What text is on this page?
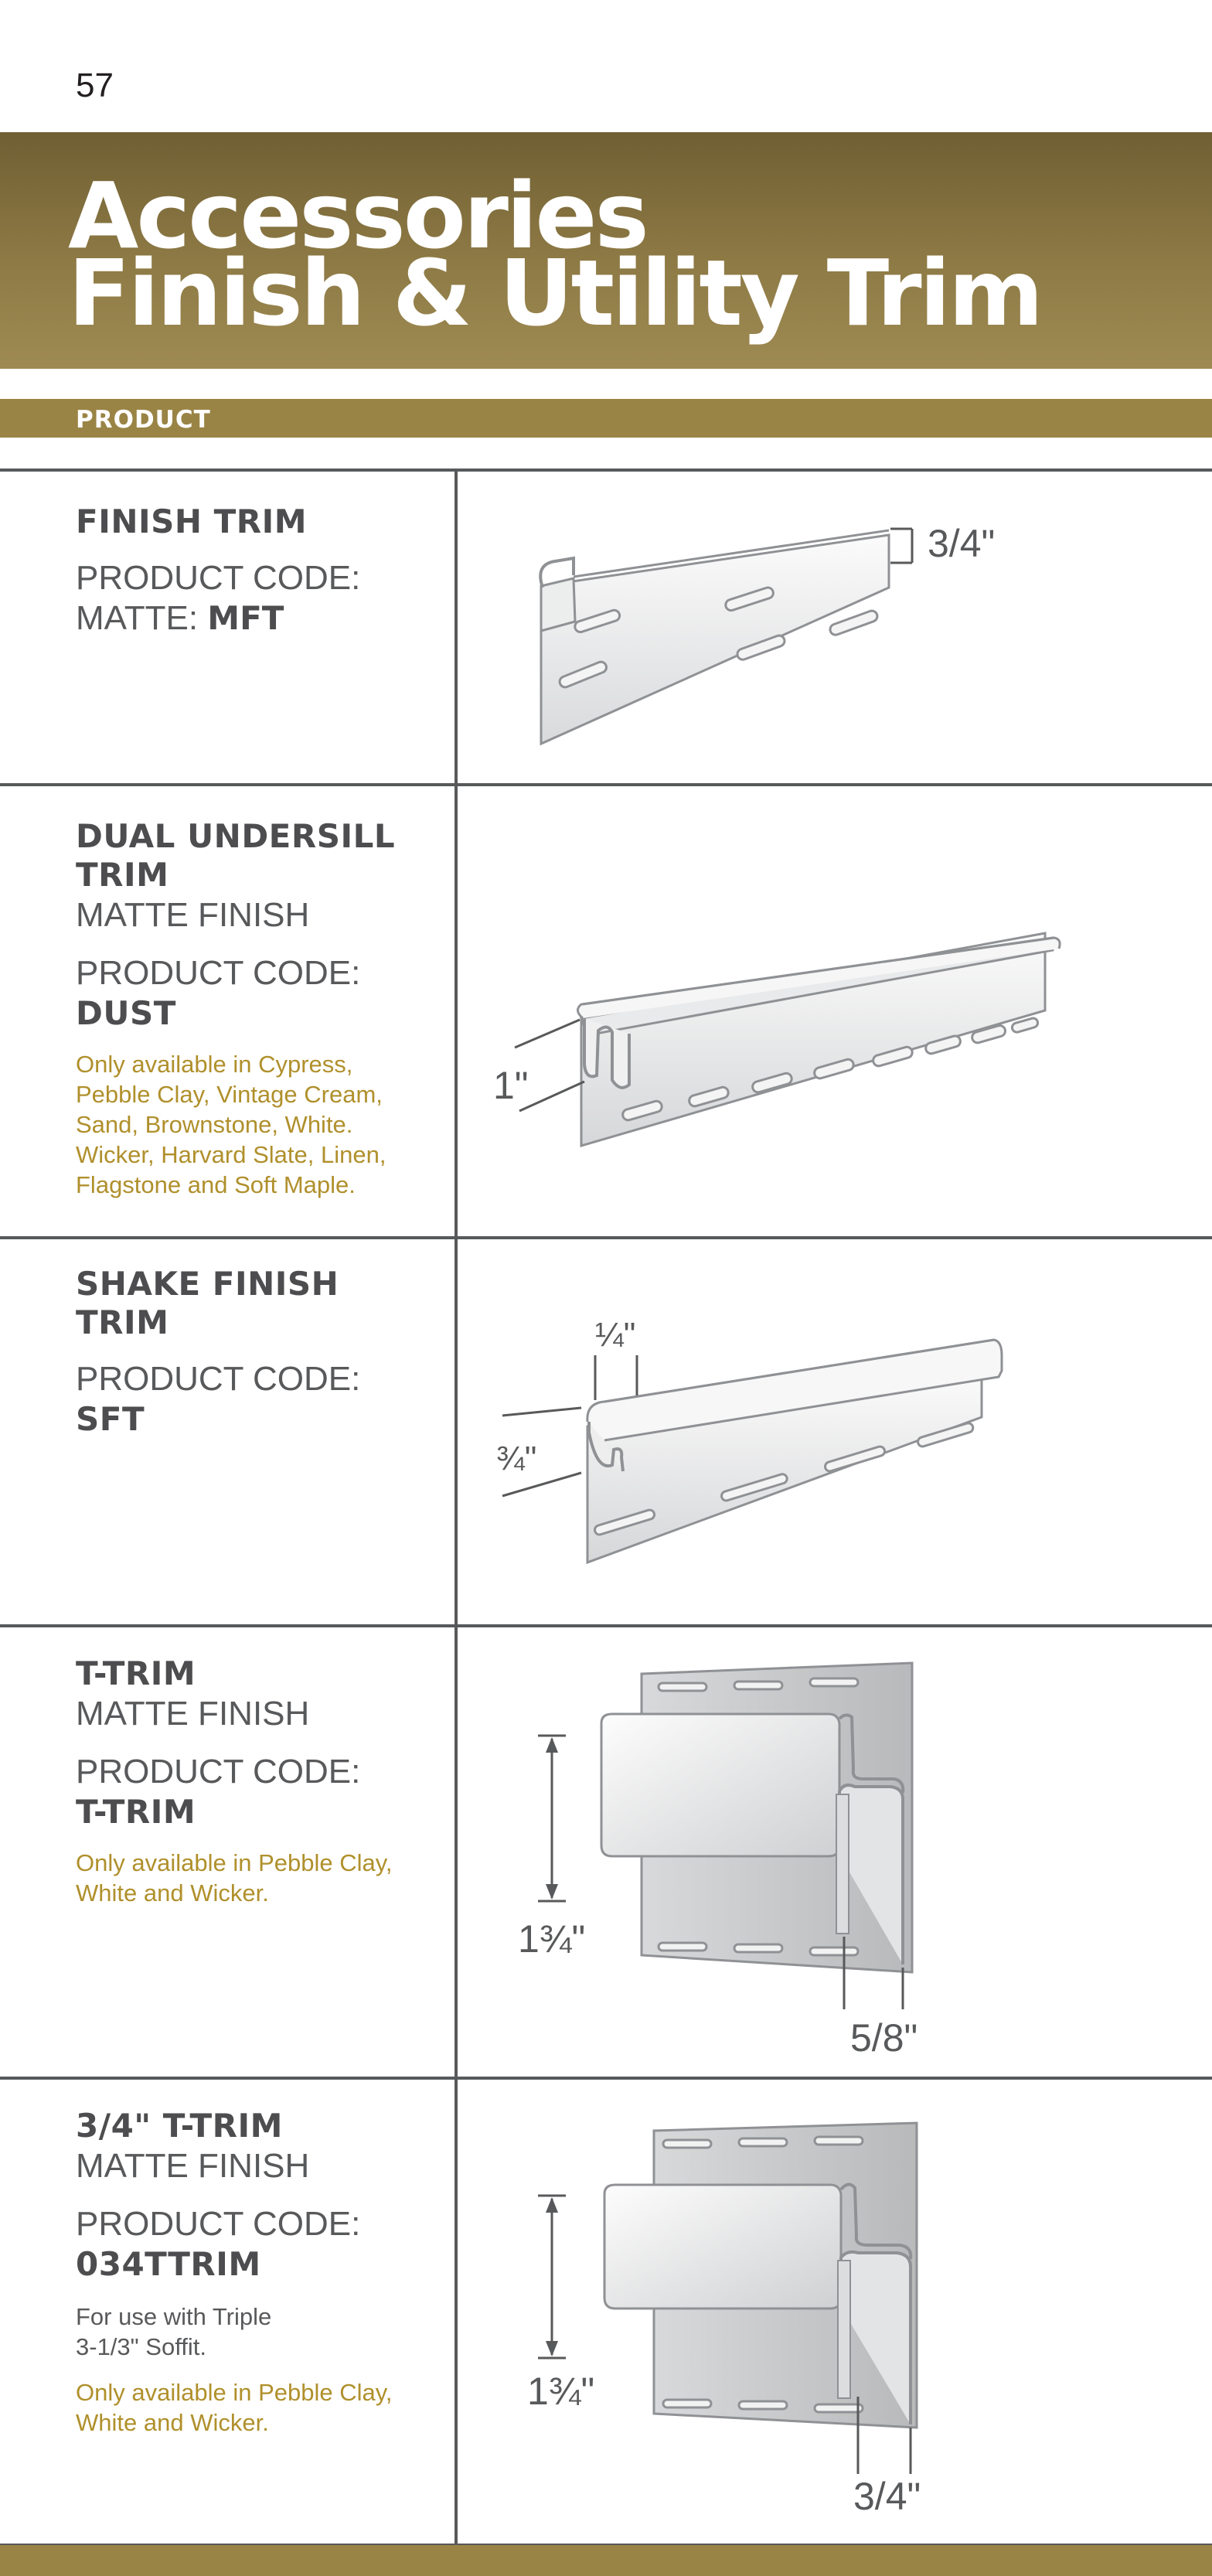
57
Accessories
Finish & Utility Trim
PRODUCT
FINISH TRIM
PRODUCT CODE:
MATTE: MFT
3/4"
DUAL UNDERSILL
TRIM
MATTE FINISH
PRODUCT CODE:
DUST
Only available in Cypress,
Pebble Clay, Vintage Cream,
Sand, Brownstone, White.
Wicker, Harvard Slate, Linen,
Flagstone and Soft Maple.
1"
SHAKE FINISH
TRIM
PRODUCT CODE:
SFT
¼"
¾"
T-TRIM
MATTE FINISH
PRODUCT CODE:
T-TRIM
Only available in Pebble Clay,
White and Wicker.
1¾"
5/8"
3/4" T-TRIM
MATTE FINISH
PRODUCT CODE:
034TTRIM
For use with Triple
3-1/3" Soffit.
Only available in Pebble Clay,
White and Wicker.
1¾"
3/4"
